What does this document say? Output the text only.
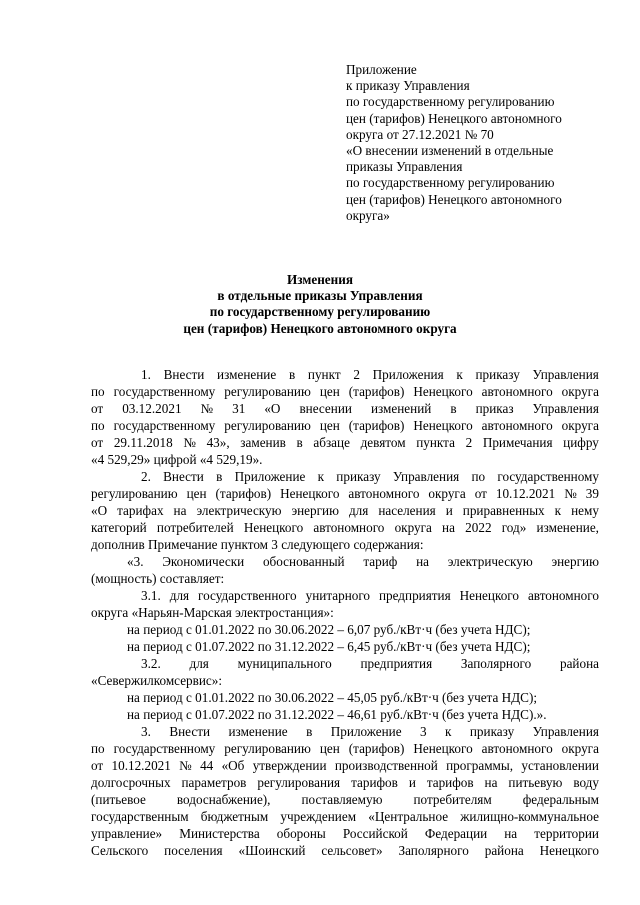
Приложение
к приказу Управления
по государственному регулированию
цен (тарифов) Ненецкого автономного
округа от 27.12.2021 № 70
«О внесении изменений в отдельные
приказы Управления
по государственному регулированию
цен (тарифов) Ненецкого автономного
округа»
Изменения
в отдельные приказы Управления
по государственному регулированию
цен (тарифов) Ненецкого автономного округа
1. Внести изменение в пункт 2 Приложения к приказу Управления
по государственному регулированию цен (тарифов) Ненецкого автономного округа
от 03.12.2021 № 31 «О внесении изменений в приказ Управления
по государственному регулированию цен (тарифов) Ненецкого автономного округа
от 29.11.2018 № 43», заменив в абзаце девятом пункта 2 Примечания цифру
«4 529,29» цифрой «4 529,19».
2. Внести в Приложение к приказу Управления по государственному
регулированию цен (тарифов) Ненецкого автономного округа от 10.12.2021 № 39
«О тарифах на электрическую энергию для населения и приравненных к нему
категорий потребителей Ненецкого автономного округа на 2022 год» изменение,
дополнив Примечание пунктом 3 следующего содержания:
«3. Экономически обоснованный тариф на электрическую энергию
(мощность) составляет:
3.1. для государственного унитарного предприятия Ненецкого автономного
округа «Нарьян-Марская электростанция»:
на период с 01.01.2022 по 30.06.2022 – 6,07 руб./кВт·ч (без учета НДС);
на период с 01.07.2022 по 31.12.2022 – 6,45 руб./кВт·ч (без учета НДС);
3.2. для муниципального предприятия Заполярного района
«Севержилкомсервис»:
на период с 01.01.2022 по 30.06.2022 – 45,05 руб./кВт·ч (без учета НДС);
на период с 01.07.2022 по 31.12.2022 – 46,61 руб./кВт·ч (без учета НДС).».
3. Внести изменение в Приложение 3 к приказу Управления
по государственному регулированию цен (тарифов) Ненецкого автономного округа
от 10.12.2021 № 44 «Об утверждении производственной программы, установлении
долгосрочных параметров регулирования тарифов и тарифов на питьевую воду
(питьевое водоснабжение), поставляемую потребителям федеральным
государственным бюджетным учреждением «Центральное жилищно-коммунальное
управление» Министерства обороны Российской Федерации на территории
Сельского поселения «Шоинский сельсовет» Заполярного района Ненецкого
